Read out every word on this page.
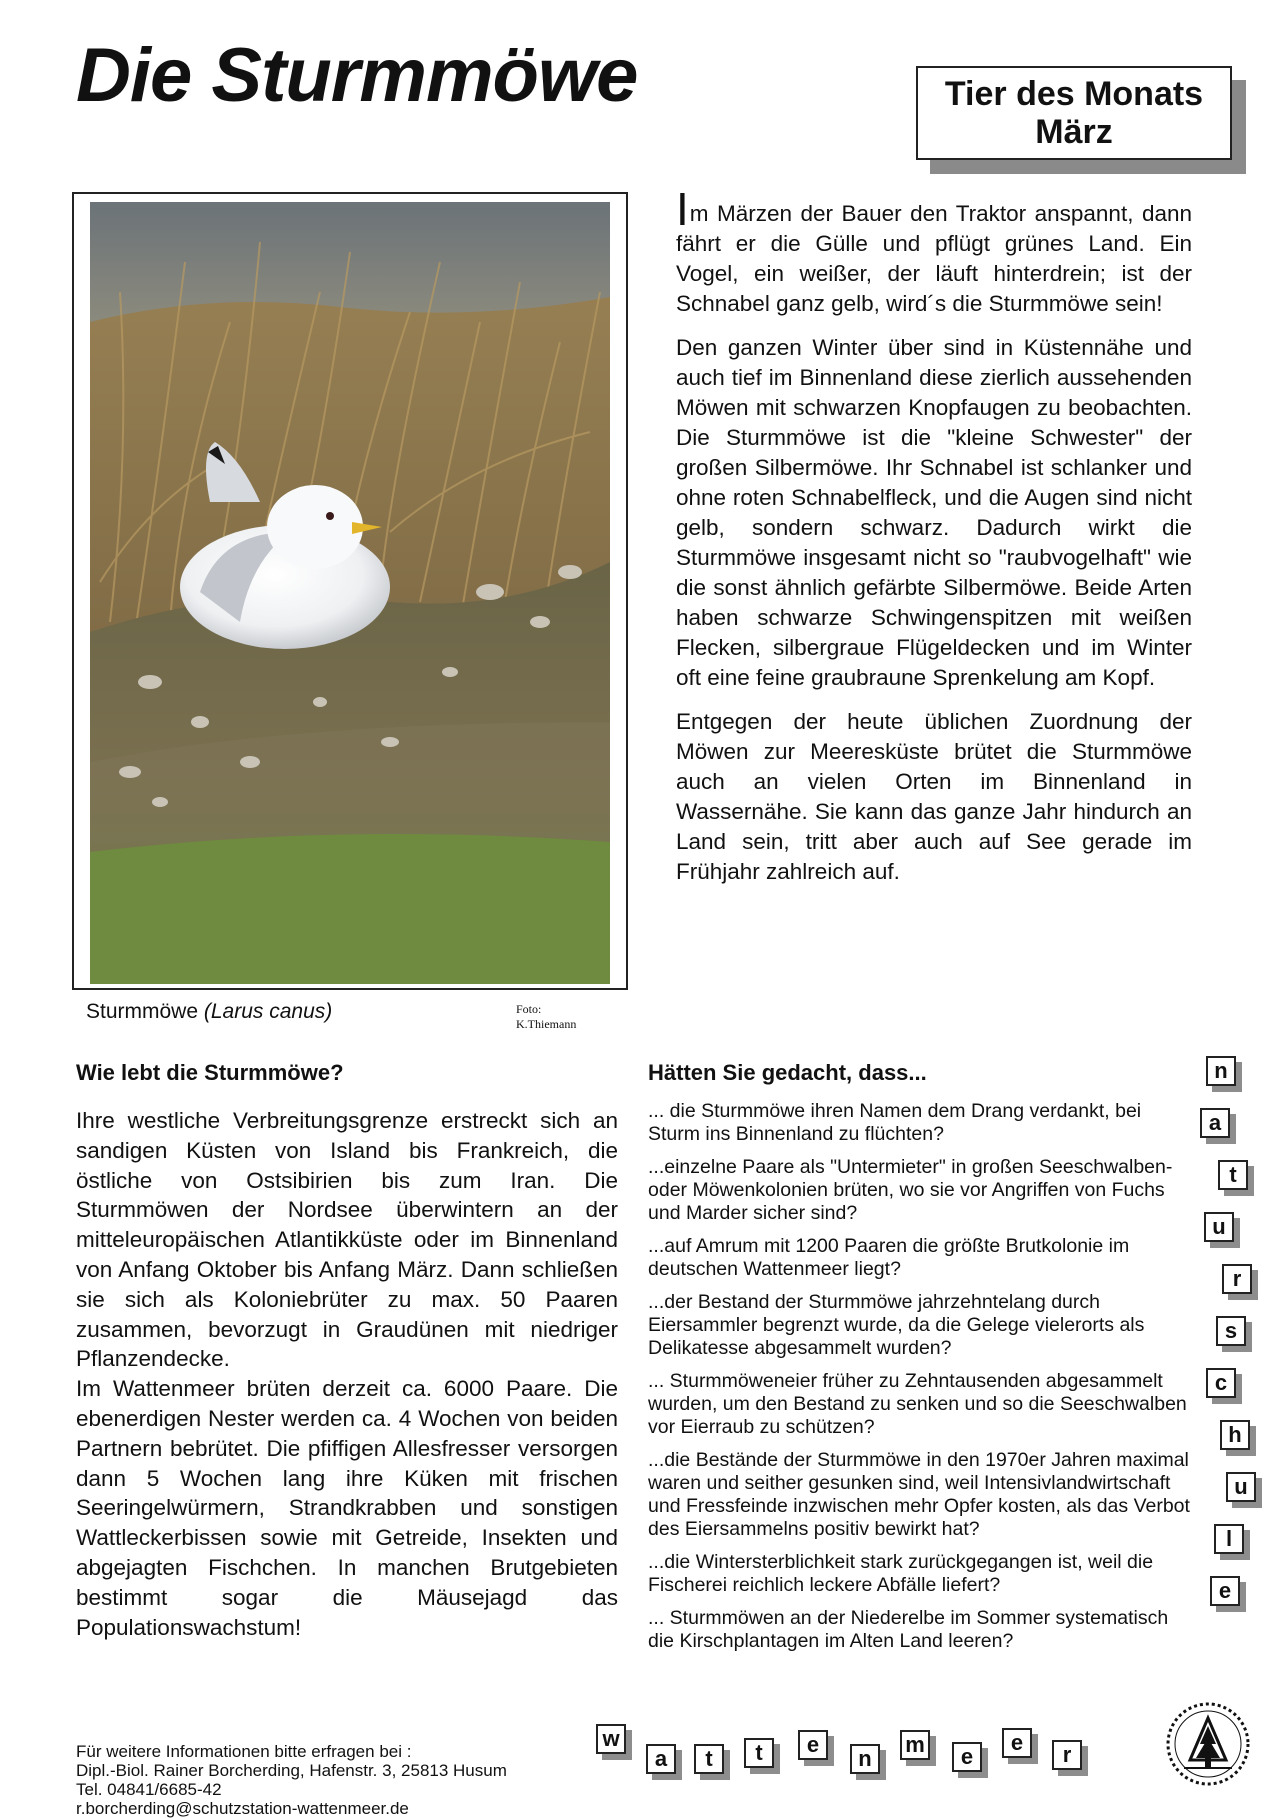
Die Sturmmöwe	Tier des Monats
März
Sturmmöwe (Larus canus)	Foto:
K.Thiemann

Im Märzen der Bauer den Traktor anspannt, dann fährt er die Gülle und pflügt grünes Land. Ein Vogel, ein weißer, der läuft hinterdrein; ist der Schnabel ganz gelb, wird´s die Sturmmöwe sein!

Den ganzen Winter über sind in Küstennähe und auch tief im Binnenland diese zierlich aussehenden Möwen mit schwarzen Knopfaugen zu beobachten. Die Sturmmöwe ist die "kleine Schwester" der großen Silbermöwe. Ihr Schnabel ist schlanker und ohne roten Schnabelfleck, und die Augen sind nicht gelb, sondern schwarz. Dadurch wirkt die Sturmmöwe insgesamt nicht so "raubvogelhaft" wie die sonst ähnlich gefärbte Silbermöwe. Beide Arten haben schwarze Schwingenspitzen mit weißen Flecken, silbergraue Flügeldecken und im Winter oft eine feine graubraune Sprenkelung am Kopf.

Entgegen der heute üblichen Zuordnung der Möwen zur Meeresküste brütet die Sturmmöwe auch an vielen Orten im Binnenland in Wassernähe. Sie kann das ganze Jahr hindurch an Land sein, tritt aber auch auf See gerade im Frühjahr zahlreich auf.

Wie lebt die Sturmmöwe?

Ihre westliche Verbreitungsgrenze erstreckt sich an sandigen Küsten von Island bis Frankreich, die östliche von Ostsibirien bis zum Iran. Die Sturmmöwen der Nordsee überwintern an der mitteleuropäischen Atlantikküste oder im Binnenland von Anfang Oktober bis Anfang März. Dann schließen sie sich als Koloniebrüter zu max. 50 Paaren zusammen, bevorzugt in Graudünen mit niedriger Pflanzendecke.

Im Wattenmeer brüten derzeit ca. 6000 Paare. Die ebenerdigen Nester werden ca. 4 Wochen von beiden Partnern bebrütet. Die pfiffigen Allesfresser versorgen dann 5 Wochen lang ihre Küken mit frischen Seeringelwürmern, Strandkrabben und sonstigen Wattleckerbissen sowie mit Getreide, Insekten und abgejagten Fischchen. In manchen Brutgebieten bestimmt sogar die Mäusejagd das Populationswachstum!

Hätten Sie gedacht, dass...

... die Sturmmöwe ihren Namen dem Drang verdankt, bei Sturm ins Binnenland zu flüchten?

...einzelne Paare als "Untermieter" in großen Seeschwalben- oder Möwenkolonien brüten, wo sie vor Angriffen von Fuchs und Marder sicher sind?

...auf Amrum mit 1200 Paaren die größte Brutkolonie im deutschen Wattenmeer liegt?

...der Bestand der Sturmmöwe jahrzehntelang durch Eiersammler begrenzt wurde, da die Gelege vielerorts als Delikatesse abgesammelt wurden?

... Sturmmöweneier früher zu Zehntausenden abgesammelt wurden, um den Bestand zu senken und so die Seeschwalben vor Eierraub zu schützen?

...die Bestände der Sturmmöwe in den 1970er Jahren maximal waren und seither gesunken sind, weil Intensivlandwirtschaft und Fressfeinde inzwischen mehr Opfer kosten, als das Verbot des Eiersammelns positiv bewirkt hat?

...die Wintersterblichkeit stark zurückgegangen ist, weil die Fischerei reichlich leckere Abfälle liefert?

... Sturmmöwen an der Niederelbe im Sommer systematisch die Kirschplantagen im Alten Land leeren?

Für weitere Informationen bitte erfragen bei :
Dipl.-Biol. Rainer Borcherding, Hafenstr. 3, 25813 Husum
Tel. 04841/6685-42
r.borcherding@schutzstation-wattenmeer.de
n
a
t
u
r
s
c
h
u
l
e
w
a	t	t	e
n
m	e
e	r
